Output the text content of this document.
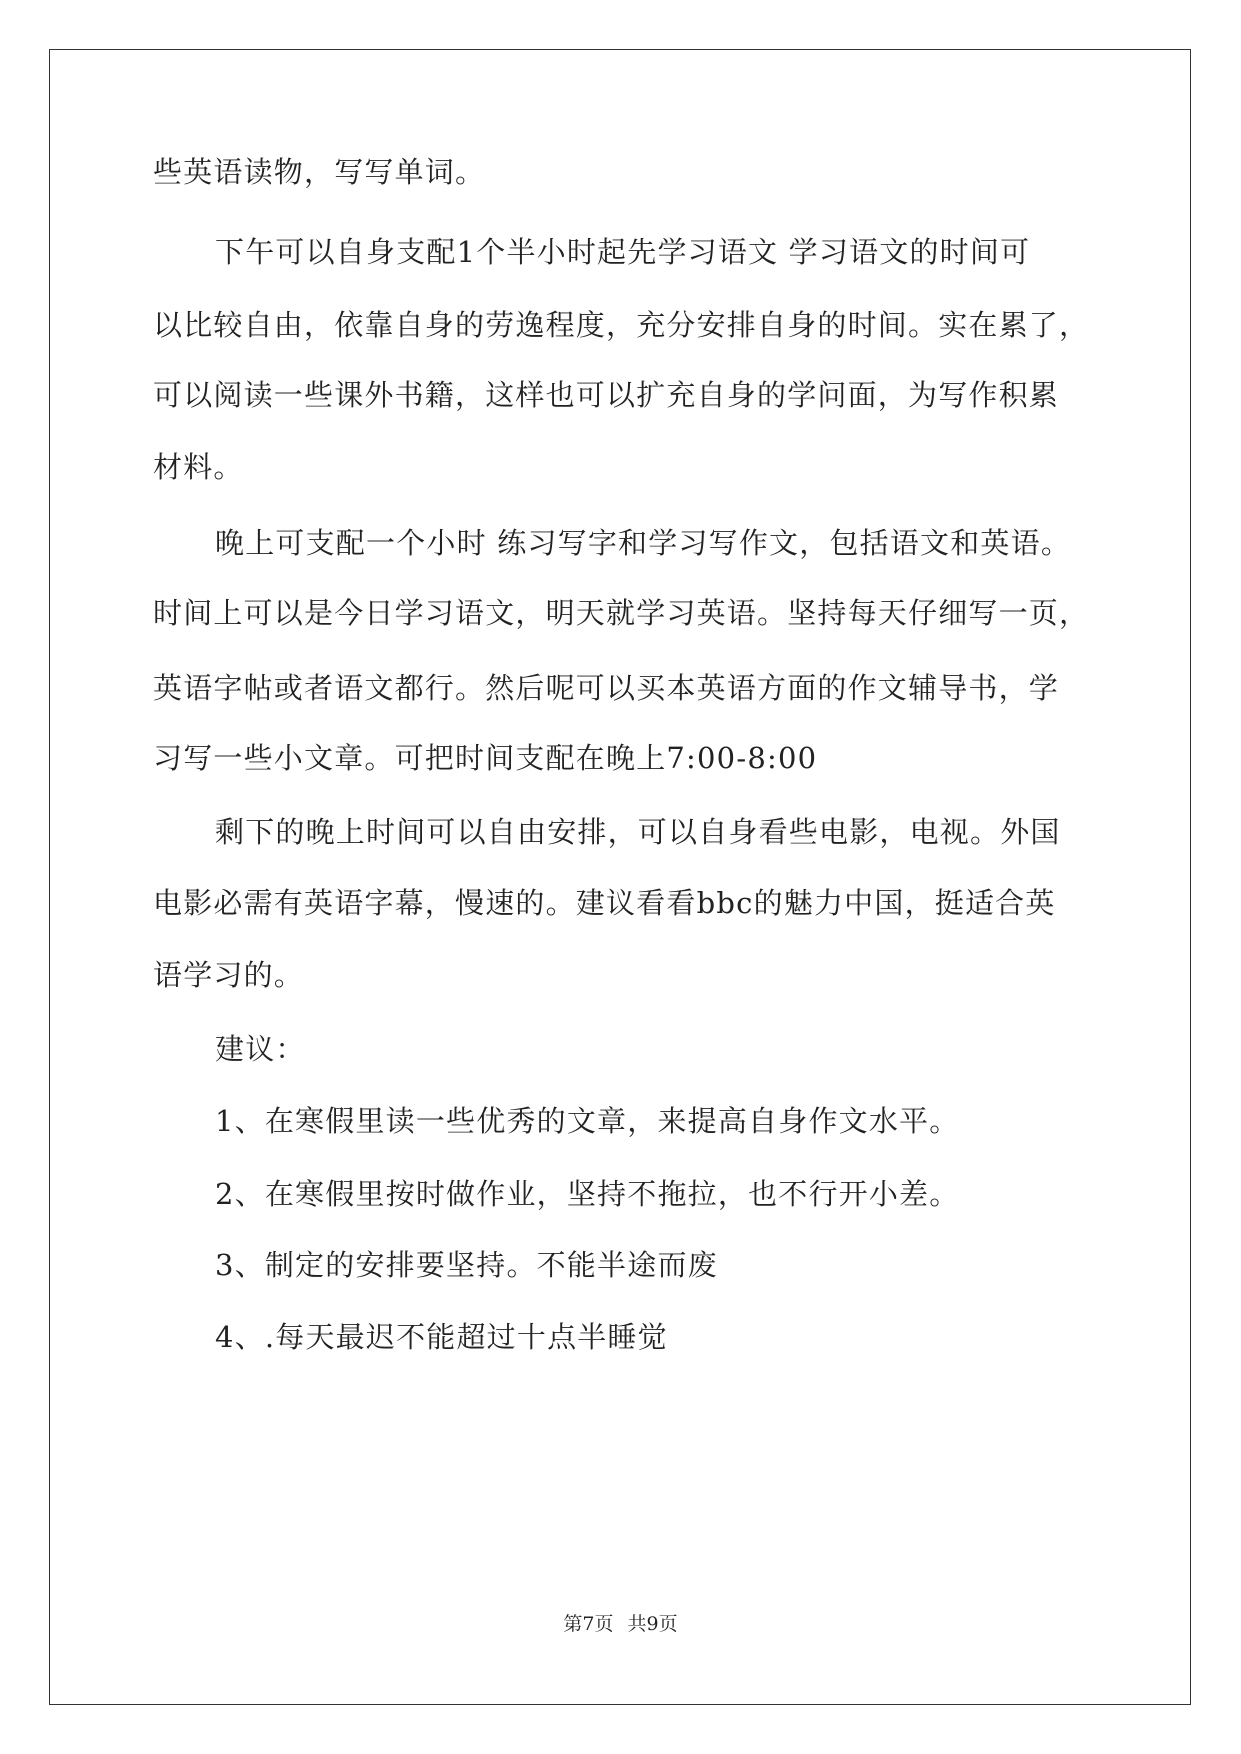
些英语读物，写写单词。
下午可以自身支配1个半小时起先学习语文 学习语文的时间可
以比较自由，依靠自身的劳逸程度，充分安排自身的时间。实在累了，
可以阅读一些课外书籍，这样也可以扩充自身的学问面，为写作积累
材料。
晚上可支配一个小时 练习写字和学习写作文，包括语文和英语。
时间上可以是今日学习语文，明天就学习英语。坚持每天仔细写一页，
英语字帖或者语文都行。然后呢可以买本英语方面的作文辅导书，学
习写一些小文章。可把时间支配在晚上7:00-8:00
剩下的晚上时间可以自由安排，可以自身看些电影，电视。外国
电影必需有英语字幕，慢速的。建议看看bbc的魅力中国，挺适合英
语学习的。
建议：
1、在寒假里读一些优秀的文章，来提高自身作文水平。
2、在寒假里按时做作业，坚持不拖拉，也不行开小差。
3、制定的安排要坚持。不能半途而废
4、.每天最迟不能超过十点半睡觉
第7页 共9页
